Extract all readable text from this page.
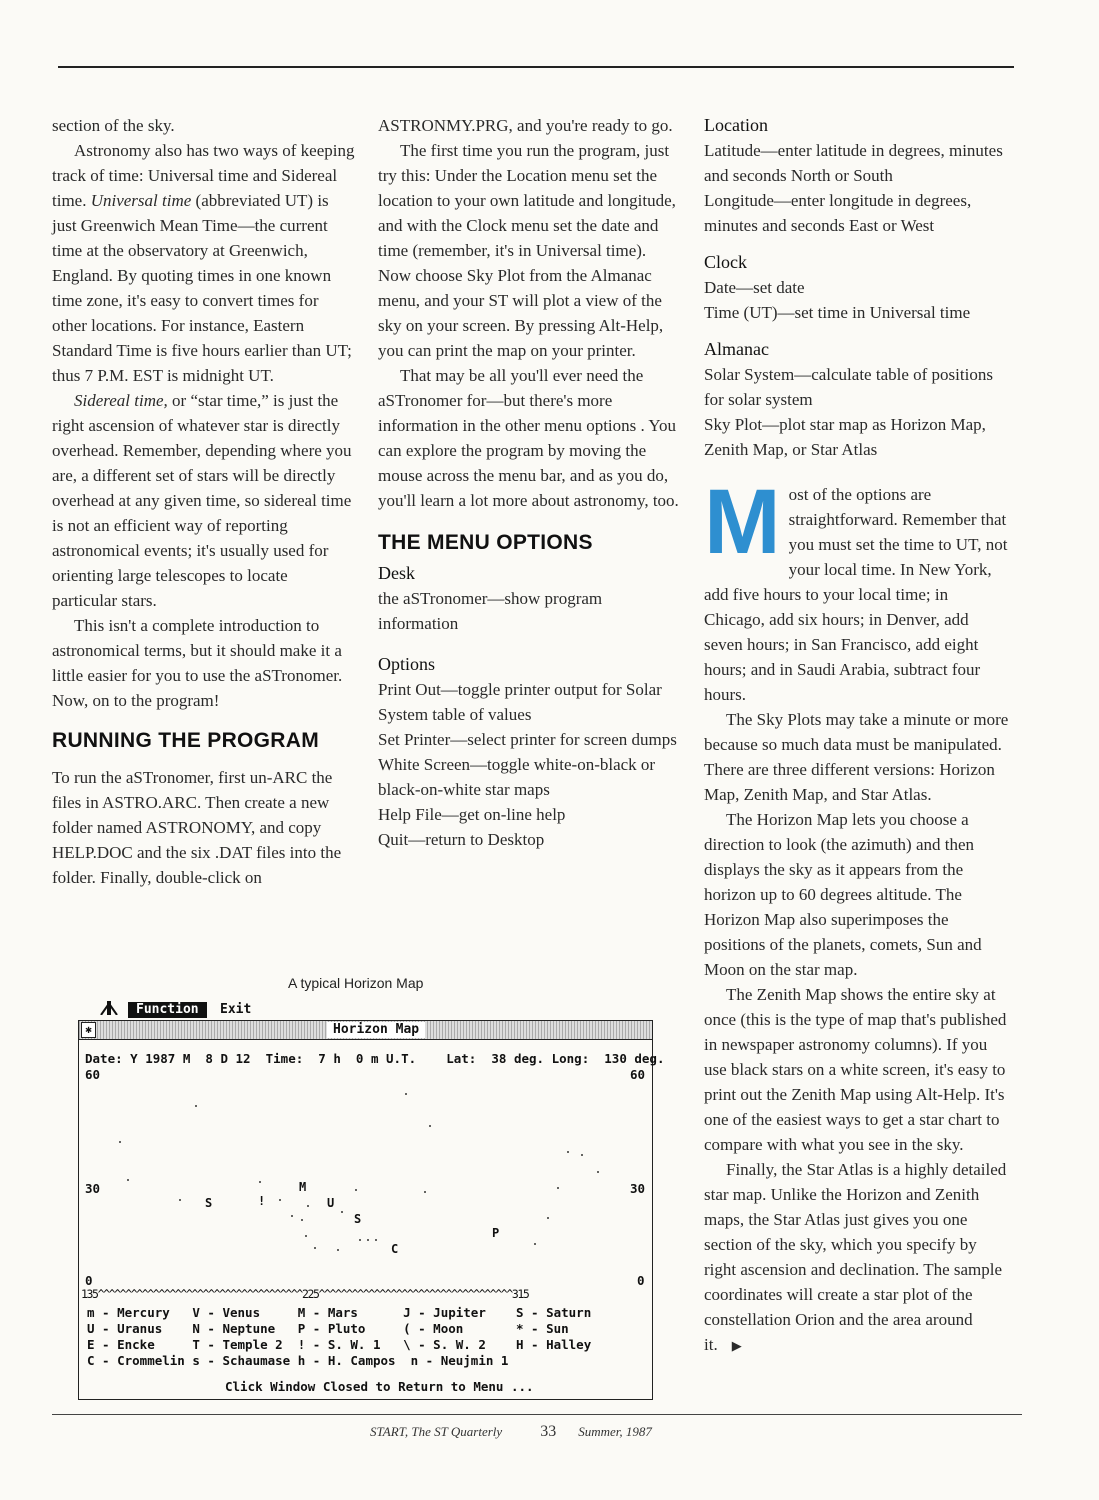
section of the sky.

Astronomy also has two ways of keeping track of time: Universal time and Sidereal time. Universal time (abbreviated UT) is just Greenwich Mean Time—the current time at the observatory at Greenwich, England. By quoting times in one known time zone, it's easy to convert times for other locations. For instance, Eastern Standard Time is five hours earlier than UT; thus 7 P.M. EST is midnight UT.

Sidereal time, or “star time,” is just the right ascension of whatever star is directly overhead. Remember, depending where you are, a different set of stars will be directly overhead at any given time, so sidereal time is not an efficient way of reporting astronomical events; it's usually used for orienting large telescopes to locate particular stars.

This isn't a complete introduction to astronomical terms, but it should make it a little easier for you to use the aSTronomer. Now, on to the program!

RUNNING THE PROGRAM

To run the aSTronomer, first un-ARC the files in ASTRO.ARC. Then create a new folder named ASTRONOMY, and copy HELP.DOC and the six .DAT files into the folder. Finally, double-click on

ASTRONMY.PRG, and you're ready to go.

The first time you run the program, just try this: Under the Location menu set the location to your own latitude and longitude, and with the Clock menu set the date and time (remember, it's in Universal time). Now choose Sky Plot from the Almanac menu, and your ST will plot a view of the sky on your screen. By pressing Alt-Help, you can print the map on your printer.

That may be all you'll ever need the aSTronomer for—but there's more information in the other menu options . You can explore the program by moving the mouse across the menu bar, and as you do, you'll learn a lot more about astronomy, too.

THE MENU OPTIONS
Desk

the aSTronomer—show program information

Options

Print Out—toggle printer output for Solar System table of values

Set Printer—select printer for screen dumps

White Screen—toggle white-on-black or black-on-white star maps

Help File—get on-line help

Quit—return to Desktop

Location

Latitude—enter latitude in degrees, minutes and seconds North or South

Longitude—enter longitude in degrees, minutes and seconds East or West

Clock

Date—set date

Time (UT)—set time in Universal time

Almanac

Solar System—calculate table of positions for solar system

Sky Plot—plot star map as Horizon Map, Zenith Map, or Star Atlas

Most of the options are straightforward. Remember that you must set the time to UT, not your local time. In New York, add five hours to your local time; in Chicago, add six hours; in Denver, add seven hours; in San Francisco, add eight hours; and in Saudi Arabia, subtract four hours.

The Sky Plots may take a minute or more because so much data must be manipulated. There are three different versions: Horizon Map, Zenith Map, and Star Atlas.

The Horizon Map lets you choose a direction to look (the azimuth) and then displays the sky as it appears from the horizon up to 60 degrees altitude. The Horizon Map also superimposes the positions of the planets, comets, Sun and Moon on the star map.

The Zenith Map shows the entire sky at once (this is the type of map that's published in newspaper astronomy columns). If you use black stars on a white screen, it's easy to print out the Zenith Map using Alt-Help. It's one of the easiest ways to get a star chart to compare with what you see in the sky.

Finally, the Star Atlas is a highly detailed star map. Unlike the Horizon and Zenith maps, the Star Atlas just gives you one section of the sky, which you specify by right ascension and declination. The sample coordinates will create a star plot of the constellation Orion and the area around it. ▶

A typical Horizon Map
Function	Exit
✱	Horizon Map
Date: Y 1987 M  8 D 12  Time:  7 h  0 m U.T.    Lat:  38 deg. Long:  130 deg.
60	60
30	30
0	0
M
S	!	U
S
P
C
135^^^^^^^^^^^^^^^^^^^^^^^^^^^^^^^^^^^^^225^^^^^^^^^^^^^^^^^^^^^^^^^^^^^^^^^^^315
m - Mercury   V - Venus     M - Mars      J - Jupiter    S - Saturn
U - Uranus    N - Neptune   P - Pluto     ( - Moon       * - Sun
E - Encke     T - Temple 2  ! - S. W. 1   \ - S. W. 2    H - Halley
C - Crommelin s - Schaumase h - H. Campos  n - Neujmin 1
Click Window Closed to Return to Menu ...
START, The ST Quarterly 33 Summer, 1987
